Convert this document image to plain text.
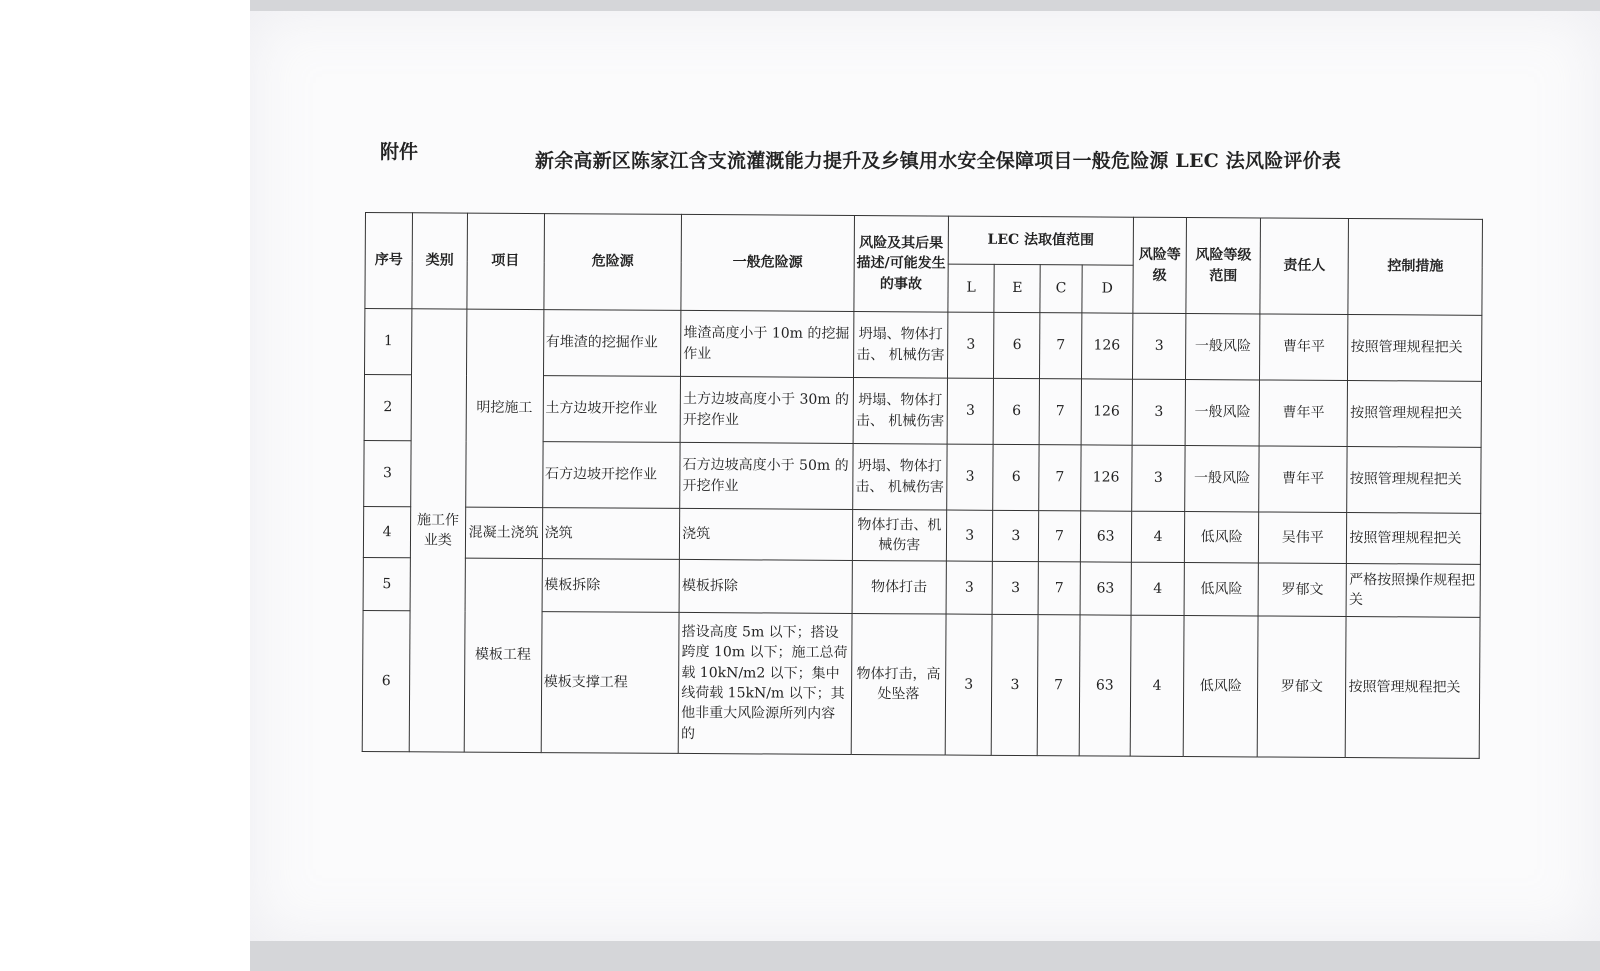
附件	新余高新区陈家江含支流灌溉能力提升及乡镇用水安全保障项目一般危险源 LEC 法风险评价表
序号	类别	项目	危险源	一般危险源	风险及其后果描述/可能发生的事故	LEC 法取值范围				风险等级	风险等级范围	责任人	控制措施
						L	E	C	D				
1	施工作业类	明挖施工	有堆渣的挖掘作业	堆渣高度小于 10m 的挖掘作业	坍塌、物体打击、 机械伤害	3	6	7	126	3	一般风险	曹年平	按照管理规程把关
2			土方边坡开挖作业	土方边坡高度小于 30m 的开挖作业	坍塌、物体打击、 机械伤害	3	6	7	126	3	一般风险	曹年平	按照管理规程把关
3			石方边坡开挖作业	石方边坡高度小于 50m 的开挖作业	坍塌、物体打击、 机械伤害	3	6	7	126	3	一般风险	曹年平	按照管理规程把关
4		混凝土浇筑	浇筑	浇筑	物体打击、机械伤害	3	3	7	63	4	低风险	吴伟平	按照管理规程把关
5		模板工程	模板拆除	模板拆除	物体打击	3	3	7	63	4	低风险	罗郁文	严格按照操作规程把关
6			模板支撑工程	搭设高度 5m 以下；搭设跨度 10m 以下；施工总荷载 10kN/m2 以下；集中线荷载 15kN/m 以下；其他非重大风险源所列内容的	物体打击，高处坠落	3	3	7	63	4	低风险	罗郁文	按照管理规程把关
